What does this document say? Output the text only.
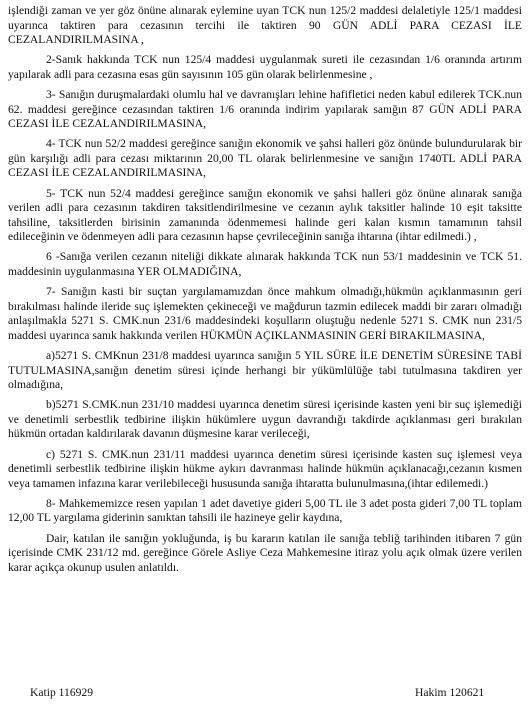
işlendiği zaman ve yer göz önüne alınarak eylemine uyan TCK nun 125/2 maddesi delaletiyle 125/1 maddesi uyarınca taktiren para cezasının tercihi ile taktiren 90 GÜN ADLİ PARA CEZASI İLE CEZALANDIRILMASINA ,

2-Sanık hakkında TCK nun 125/4 maddesi uygulanmak sureti ile cezasından 1/6 oranında artırım yapılarak adli para cezasına esas gün sayısının 105 gün olarak belirlenmesine ,

3- Sanığın duruşmalardaki olumlu hal ve davranışları lehine hafifletici neden kabul edilerek TCK.nun 62. maddesi gereğince cezasından taktiren 1/6 oranında indirim yapılarak sanığın 87 GÜN ADLİ PARA CEZASI İLE CEZALANDIRILMASINA,

4- TCK nun 52/2 maddesi gereğince sanığın ekonomik ve şahsi halleri göz önünde bulundurularak bir gün karşılığı adli para cezası miktarının 20,00 TL olarak belirlenmesine ve sanığın 1740TL ADLİ PARA CEZASI İLE CEZALANDIRILMASINA,

5- TCK nun 52/4 maddesi gereğince sanığın ekonomik ve şahsi halleri göz önüne alınarak sanığa verilen adli para cezasının takdiren taksitlendirilmesine ve cezanın aylık taksitler halinde 10 eşit taksitte tahsiline, taksitlerden birisinin zamanında ödenmemesi halinde geri kalan kısmın tamamının tahsil edileceğinin ve ödenmeyen adli para cezasının hapse çevrileceğinin sanığa ihtarına (ihtar edilmedi.) ,

6 -Sanığa verilen cezanın niteliği dikkate alınarak hakkında TCK nun 53/1 maddesinin ve TCK 51. maddesinin uygulanmasına YER OLMADIĞINA,

7- Sanığın kasti bir suçtan yargılamamızdan önce mahkum olmadığı,hükmün açıklanmasının geri bırakılması halinde ileride suç işlemekten çekineceği ve mağdurun tazmin edilecek maddi bir zararı olmadığı anlaşılmakla 5271 S. CMK.nun 231/6 maddesindeki koşulların oluştuğu nedenle 5271 S. CMK nun 231/5 maddesi uyarınca sanık hakkında verilen HÜKMÜN AÇIKLANMASININ GERİ BIRAKILMASINA,

a)5271 S. CMKnun 231/8 maddesi uyarınca sanığın 5 YIL SÜRE İLE DENETİM SÜRESİNE TABİ TUTULMASINA,sanığın denetim süresi içinde herhangi bir yükümlülüğe tabi tutulmasına takdiren yer olmadığına,

b)5271 S.CMK.nun 231/10 maddesi uyarınca denetim süresi içerisinde kasten yeni bir suç işlemediği ve denetimli serbestlik tedbirine ilişkin hükümlere uygun davrandığı takdirde açıklanması geri bırakılan hükmün ortadan kaldırılarak davanın düşmesine karar verileceği,

c) 5271 S. CMK.nun 231/11 maddesi uyarınca denetim süresi içerisinde kasten suç işlemesi veya denetimli serbestlik tedbirine ilişkin hükme aykırı davranması halinde hükmün açıklanacağı,cezanın kısmen veya tamamen infazına karar verilebileceği hususunda sanığa ihtaratta bulunulmasına,(ihtar edilemedi.)

8- Mahkememizce resen yapılan 1 adet davetiye gideri 5,00 TL ile 3 adet posta gideri 7,00 TL toplam 12,00 TL yargılama giderinin sanıktan tahsili ile hazineye gelir kaydına,

Dair, katılan ile sanığın yokluğunda, iş bu kararın katılan ile sanığa tebliğ tarihinden itibaren 7 gün içerisinde CMK 231/12 md. gereğince Görele Asliye Ceza Mahkemesine itiraz yolu açık olmak üzere verilen karar açıkça okunup usulen anlatıldı.

Katip 116929	Hakim 120621
